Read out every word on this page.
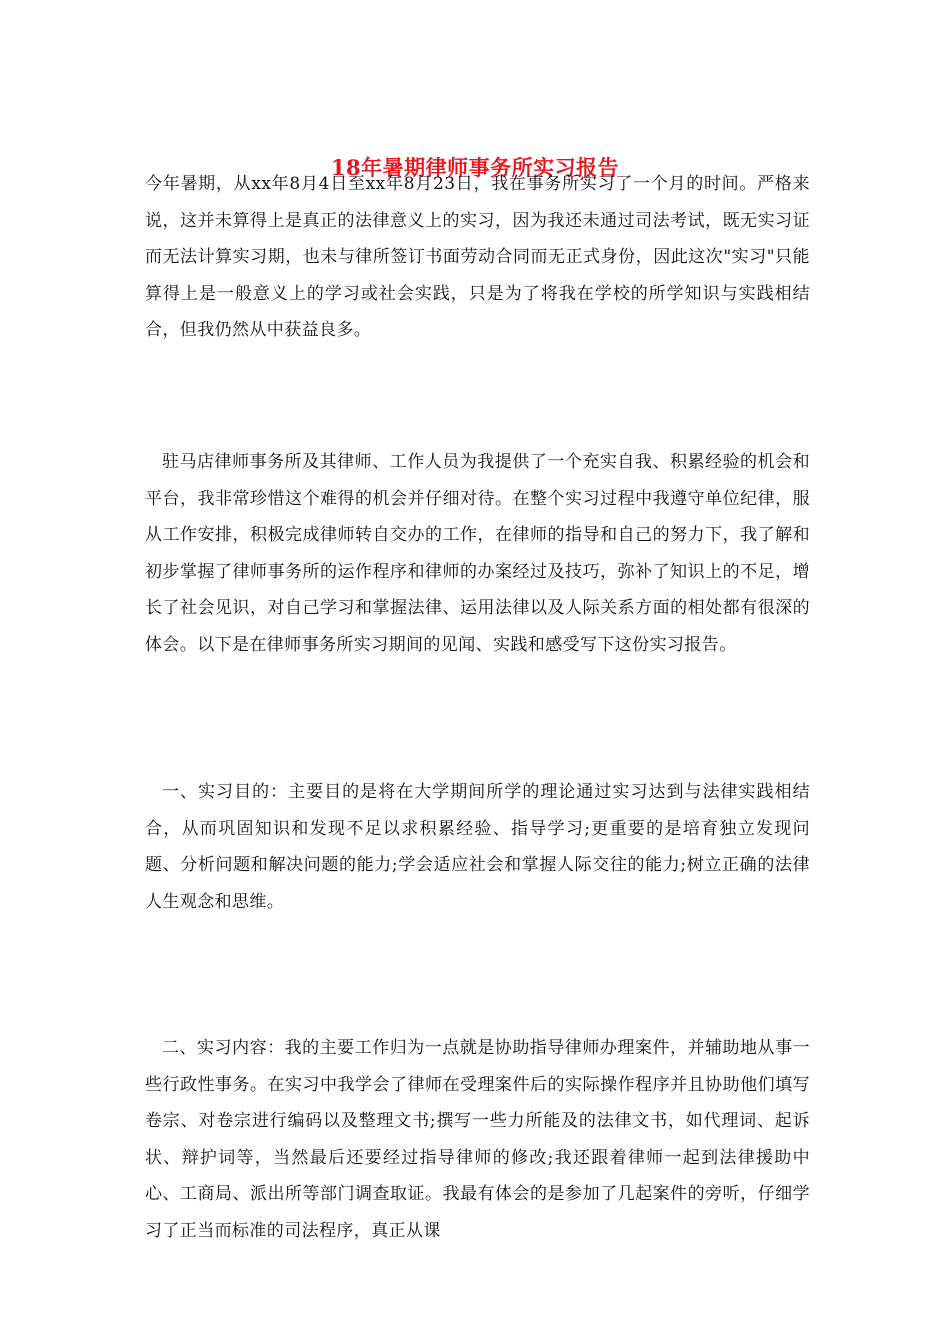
18年暑期律师事务所实习报告

今年暑期，从xx年8月4日至xx年8月23日，我在事务所实习了一个月的时间。严格来说，这并未算得上是真正的法律意义上的实习，因为我还未通过司法考试，既无实习证而无法计算实习期，也未与律所签订书面劳动合同而无正式身份，因此这次"实习"只能算得上是一般意义上的学习或社会实践，只是为了将我在学校的所学知识与实践相结合，但我仍然从中获益良多。

驻马店律师事务所及其律师、工作人员为我提供了一个充实自我、积累经验的机会和平台，我非常珍惜这个难得的机会并仔细对待。在整个实习过程中我遵守单位纪律，服从工作安排，积极完成律师转自交办的工作，在律师的指导和自己的努力下，我了解和初步掌握了律师事务所的运作程序和律师的办案经过及技巧，弥补了知识上的不足，增长了社会见识，对自己学习和掌握法律、运用法律以及人际关系方面的相处都有很深的体会。以下是在律师事务所实习期间的见闻、实践和感受写下这份实习报告。

一、实习目的：主要目的是将在大学期间所学的理论通过实习达到与法律实践相结合，从而巩固知识和发现不足以求积累经验、指导学习;更重要的是培育独立发现问题、分析问题和解决问题的能力;学会适应社会和掌握人际交往的能力;树立正确的法律人生观念和思维。

二、实习内容：我的主要工作归为一点就是协助指导律师办理案件，并辅助地从事一些行政性事务。在实习中我学会了律师在受理案件后的实际操作程序并且协助他们填写卷宗、对卷宗进行编码以及整理文书;撰写一些力所能及的法律文书，如代理词、起诉状、辩护词等，当然最后还要经过指导律师的修改;我还跟着律师一起到法律援助中心、工商局、派出所等部门调查取证。我最有体会的是参加了几起案件的旁听，仔细学习了正当而标准的司法程序，真正从课
